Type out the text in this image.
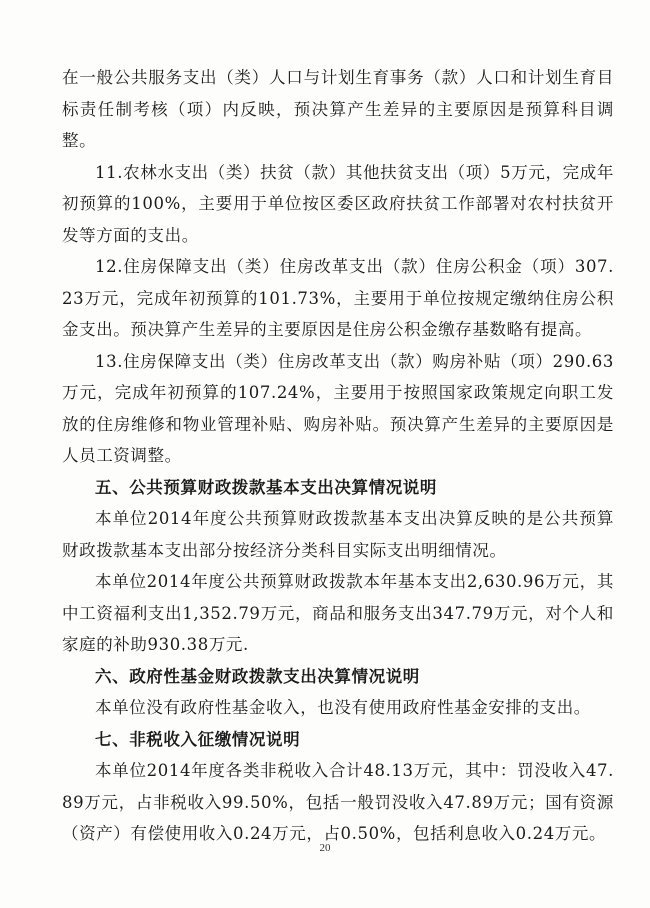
在一般公共服务支出（类）人口与计划生育事务（款）人口和计划生育目标责任制考核（项）内反映，预决算产生差异的主要原因是预算科目调整。

11.农林水支出（类）扶贫（款）其他扶贫支出（项）5万元，完成年初预算的100%，主要用于单位按区委区政府扶贫工作部署对农村扶贫开发等方面的支出。

12.住房保障支出（类）住房改革支出（款）住房公积金（项）307.23万元，完成年初预算的101.73%，主要用于单位按规定缴纳住房公积金支出。预决算产生差异的主要原因是住房公积金缴存基数略有提高。

13.住房保障支出（类）住房改革支出（款）购房补贴（项）290.63万元，完成年初预算的107.24%，主要用于按照国家政策规定向职工发放的住房维修和物业管理补贴、购房补贴。预决算产生差异的主要原因是人员工资调整。

五、公共预算财政拨款基本支出决算情况说明

本单位2014年度公共预算财政拨款基本支出决算反映的是公共预算财政拨款基本支出部分按经济分类科目实际支出明细情况。

本单位2014年度公共预算财政拨款本年基本支出2,630.96万元，其中工资福利支出1,352.79万元，商品和服务支出347.79万元，对个人和家庭的补助930.38万元.

六、政府性基金财政拨款支出决算情况说明

本单位没有政府性基金收入，也没有使用政府性基金安排的支出。

七、非税收入征缴情况说明

本单位2014年度各类非税收入合计48.13万元，其中：罚没收入47.89万元，占非税收入99.50%，包括一般罚没收入47.89万元；国有资源（资产）有偿使用收入0.24万元，占0.50%，包括利息收入0.24万元。

20
